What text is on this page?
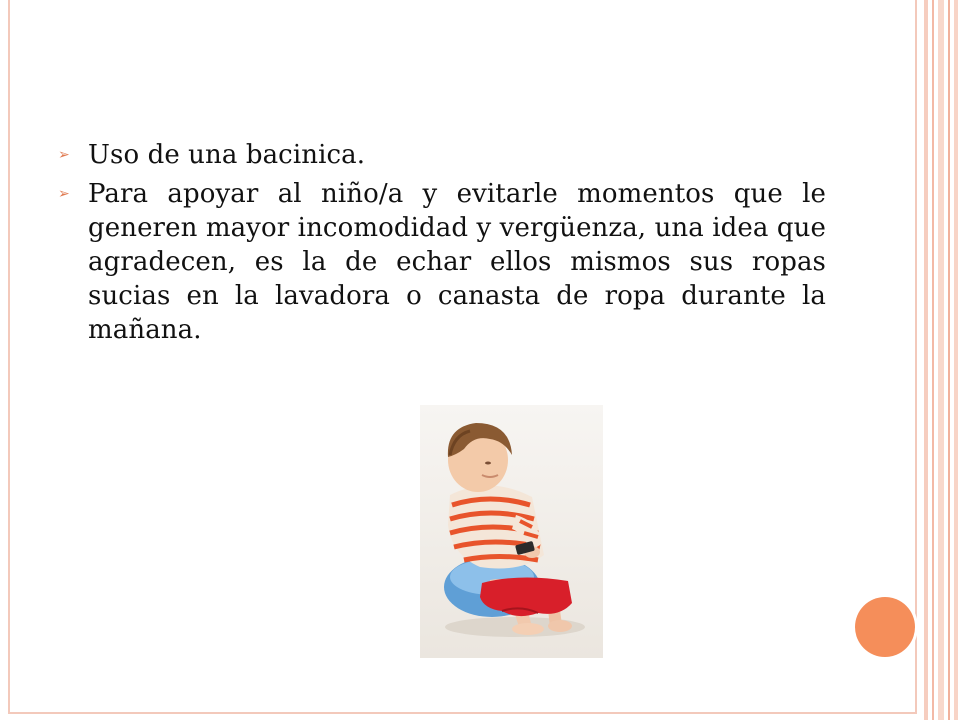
➢ Uso de una bacinica.
➢ Para apoyar al niño/a y evitarle momentos que le generen mayor incomodidad y vergüenza, una idea que agradecen, es la de echar ellos mismos sus ropas sucias en la lavadora o canasta de ropa durante la mañana.
